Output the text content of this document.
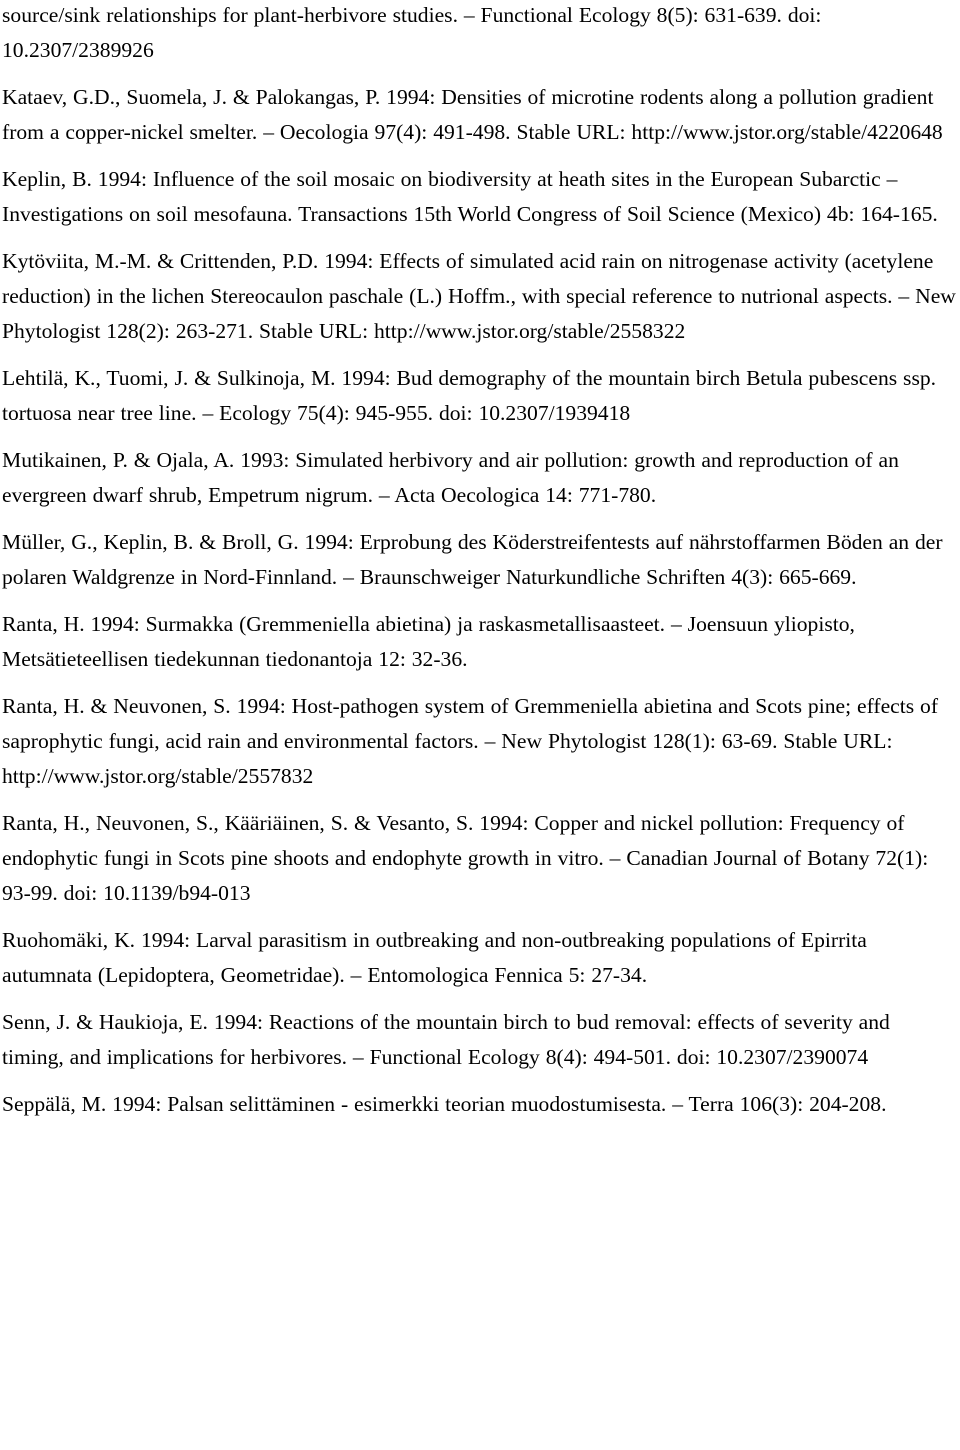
source/sink relationships for plant-herbivore studies. – Functional Ecology 8(5): 631-639. doi: 10.2307/2389926

Kataev, G.D., Suomela, J. & Palokangas, P. 1994: Densities of microtine rodents along a pollution gradient from a copper-nickel smelter. – Oecologia 97(4): 491-498. Stable URL: http://www.jstor.org/stable/4220648

Keplin, B. 1994: Influence of the soil mosaic on biodiversity at heath sites in the European Subarctic – Investigations on soil mesofauna. Transactions 15th World Congress of Soil Science (Mexico) 4b: 164-165.

Kytöviita, M.-M. & Crittenden, P.D. 1994: Effects of simulated acid rain on nitrogenase activity (acetylene reduction) in the lichen Stereocaulon paschale (L.) Hoffm., with special reference to nutrional aspects. – New Phytologist 128(2): 263-271. Stable URL: http://www.jstor.org/stable/2558322

Lehtilä, K., Tuomi, J. & Sulkinoja, M. 1994: Bud demography of the mountain birch Betula pubescens ssp. tortuosa near tree line. – Ecology 75(4): 945-955. doi: 10.2307/1939418

Mutikainen, P. & Ojala, A. 1993: Simulated herbivory and air pollution: growth and reproduction of an evergreen dwarf shrub, Empetrum nigrum. – Acta Oecologica 14: 771-780.

Müller, G., Keplin, B. & Broll, G. 1994: Erprobung des Köderstreifentests auf nährstoffarmen Böden an der polaren Waldgrenze in Nord-Finnland. – Braunschweiger Naturkundliche Schriften 4(3): 665-669.

Ranta, H. 1994: Surmakka (Gremmeniella abietina) ja raskasmetallisaasteet. – Joensuun yliopisto, Metsätieteellisen tiedekunnan tiedonantoja 12: 32-36.

Ranta, H. & Neuvonen, S. 1994: Host-pathogen system of Gremmeniella abietina and Scots pine; effects of saprophytic fungi, acid rain and environmental factors. – New Phytologist 128(1): 63-69. Stable URL: http://www.jstor.org/stable/2557832

Ranta, H., Neuvonen, S., Kääriäinen, S. & Vesanto, S. 1994: Copper and nickel pollution: Frequency of endophytic fungi in Scots pine shoots and endophyte growth in vitro. – Canadian Journal of Botany 72(1): 93-99. doi: 10.1139/b94-013

Ruohomäki, K. 1994: Larval parasitism in outbreaking and non-outbreaking populations of Epirrita autumnata (Lepidoptera, Geometridae). – Entomologica Fennica 5: 27-34.

Senn, J. & Haukioja, E. 1994: Reactions of the mountain birch to bud removal: effects of severity and timing, and implications for herbivores. – Functional Ecology 8(4): 494-501. doi: 10.2307/2390074

Seppälä, M. 1994: Palsan selittäminen - esimerkki teorian muodostumisesta. – Terra 106(3): 204-208.
